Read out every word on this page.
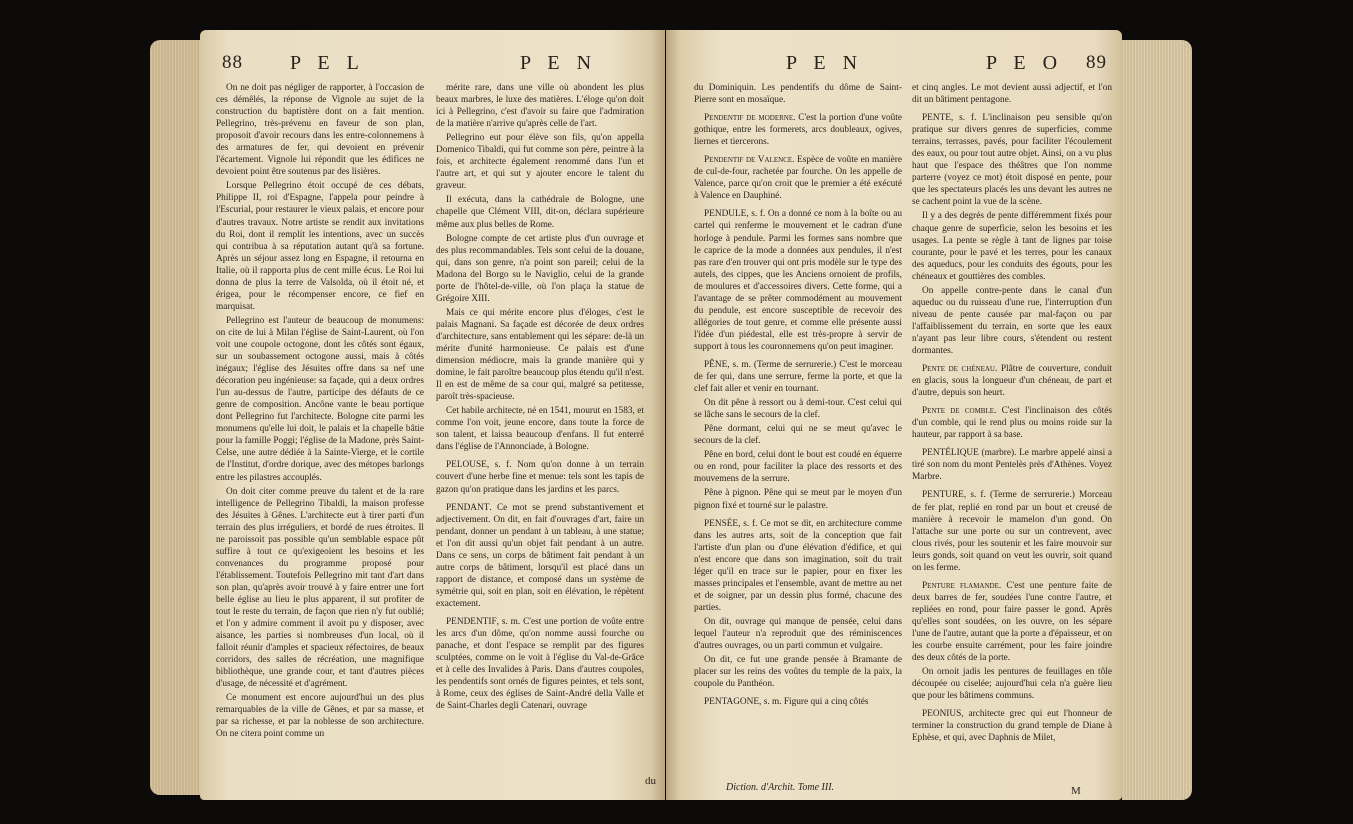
88 P E L	P E N

On ne doit pas négliger de rapporter, à l'occasion de ces démêlés, la réponse de Vignole au sujet de la construction du baptistère dont on a fait mention. Pellegrino, très-prévenu en faveur de son plan, proposoit d'avoir recours dans les entre-colonnemens à des armatures de fer, qui devoient en prévenir l'écartement. Vignole lui répondit que les édifices ne devoient point être soutenus par des lisières.

Lorsque Pellegrino étoit occupé de ces débats, Philippe II, roi d'Espagne, l'appela pour peindre à l'Escurial, pour restaurer le vieux palais, et encore pour d'autres travaux. Notre artiste se rendit aux invitations du Roi, dont il remplit les intentions, avec un succès qui contribua à sa réputation autant qu'à sa fortune. Après un séjour assez long en Espagne, il retourna en Italie, où il rapporta plus de cent mille écus. Le Roi lui donna de plus la terre de Valsolda, où il étoit né, et érigea, pour le récompenser encore, ce fief en marquisat.

Pellegrino est l'auteur de beaucoup de monumens: on cite de lui à Milan l'église de Saint-Laurent, où l'on voit une coupole octogone, dont les côtés sont égaux, sur un soubassement octogone aussi, mais à côtés inégaux; l'église des Jésuites offre dans sa nef une décoration peu ingénieuse: sa façade, qui a deux ordres l'un au-dessus de l'autre, participe des défauts de ce genre de composition. Ancône vante le beau portique dont Pellegrino fut l'architecte. Bologne cite parmi les monumens qu'elle lui doit, le palais et la chapelle bâtie pour la famille Poggi; l'église de la Madone, près Saint-Celse, une autre dédiée à la Sainte-Vierge, et le cortile de l'Institut, d'ordre dorique, avec des métopes barlongs entre les pilastres accouplés.

On doit citer comme preuve du talent et de la rare intelligence de Pellegrino Tibaldi, la maison professe des Jésuites à Gênes. L'architecte eut à tirer parti d'un terrain des plus irréguliers, et bordé de rues étroites. Il ne paroissoit pas possible qu'un semblable espace pût suffire à tout ce qu'exigeoient les besoins et les convenances du programme proposé pour l'établissement. Toutefois Pellegrino mit tant d'art dans son plan, qu'après avoir trouvé à y faire entrer une fort belle église au lieu le plus apparent, il sut profiter de tout le reste du terrain, de façon que rien n'y fut oublié; et l'on y admire comment il avoit pu y disposer, avec aisance, les parties si nombreuses d'un local, où il falloit réunir d'amples et spacieux réfectoires, de beaux corridors, des salles de récréation, une magnifique bibliothèque, une grande cour, et tant d'autres pièces d'usage, de nécessité et d'agrément.

Ce monument est encore aujourd'hui un des plus remarquables de la ville de Gênes, et par sa masse, et par sa richesse, et par la noblesse de son architecture. On ne citera point comme un

mérite rare, dans une ville où abondent les plus beaux marbres, le luxe des matières. L'éloge qu'on doit ici à Pellegrino, c'est d'avoir su faire que l'admiration de la matière n'arrive qu'après celle de l'art.

Pellegrino eut pour élève son fils, qu'on appella Domenico Tibaldi, qui fut comme son père, peintre à la fois, et architecte également renommé dans l'un et l'autre art, et qui sut y ajouter encore le talent du graveur.

Il exécuta, dans la cathédrale de Bologne, une chapelle que Clément VIII, dit-on, déclara supérieure même aux plus belles de Rome.

Bologne compte de cet artiste plus d'un ouvrage et des plus recommandables. Tels sont celui de la douane, qui, dans son genre, n'a point son pareil; celui de la Madona del Borgo su le Naviglio, celui de la grande porte de l'hôtel-de-ville, où l'on plaça la statue de Grégoire XIII.

Mais ce qui mérite encore plus d'éloges, c'est le palais Magnani. Sa façade est décorée de deux ordres d'architecture, sans entablement qui les sépare: de-là un mérite d'unité harmonieuse. Ce palais est d'une dimension médiocre, mais la grande manière qui y domine, le fait paroître beaucoup plus étendu qu'il n'est. Il en est de même de sa cour qui, malgré sa petitesse, paroît très-spacieuse.

Cet habile architecte, né en 1541, mourut en 1583, et comme l'on voit, jeune encore, dans toute la force de son talent, et laissa beaucoup d'enfans. Il fut enterré dans l'église de l'Annonciade, à Bologne.

PELOUSE, s. f. Nom qu'on donne à un terrain couvert d'une herbe fine et menue: tels sont les tapis de gazon qu'on pratique dans les jardins et les parcs.

PENDANT. Ce mot se prend substantivement et adjectivement. On dit, en fait d'ouvrages d'art, faire un pendant, donner un pendant à un tableau, à une statue; et l'on dit aussi qu'un objet fait pendant à un autre. Dans ce sens, un corps de bâtiment fait pendant à un autre corps de bâtiment, lorsqu'il est placé dans un rapport de distance, et composé dans un système de symétrie qui, soit en plan, soit en élévation, le répètent exactement.

PENDENTIF, s. m. C'est une portion de voûte entre les arcs d'un dôme, qu'on nomme aussi fourche ou panache, et dont l'espace se remplit par des figures sculptées, comme on le voit à l'église du Val-de-Grâce et à celle des Invalides à Paris. Dans d'autres coupoles, les pendentifs sont ornés de figures peintes, et tels sont, à Rome, ceux des églises de Saint-André della Valle et de Saint-Charles degli Catenari, ouvrage

du
P E N	P E O 89

du Dominiquin. Les pendentifs du dôme de Saint-Pierre sont en mosaïque.

Pendentif de moderne. C'est la portion d'une voûte gothique, entre les formerets, arcs doubleaux, ogives, liernes et tiercerons.

Pendentif de Valence. Espèce de voûte en manière de cul-de-four, rachetée par fourche. On les appelle de Valence, parce qu'on croit que le premier a été exécuté à Valence en Dauphiné.

PENDULE, s. f. On a donné ce nom à la boîte ou au cartel qui renferme le mouvement et le cadran d'une horloge à pendule. Parmi les formes sans nombre que le caprice de la mode a données aux pendules, il n'est pas rare d'en trouver qui ont pris modèle sur le type des autels, des cippes, que les Anciens ornoient de profils, de moulures et d'accessoires divers. Cette forme, qui a l'avantage de se prêter commodément au mouvement du pendule, est encore susceptible de recevoir des allégories de tout genre, et comme elle présente aussi l'idée d'un piédestal, elle est très-propre à servir de support à tous les couronnemens qu'on peut imaginer.

PÊNE, s. m. (Terme de serrurerie.) C'est le morceau de fer qui, dans une serrure, ferme la porte, et que la clef fait aller et venir en tournant.

On dit pêne à ressort ou à demi-tour. C'est celui qui se lâche sans le secours de la clef.

Pêne dormant, celui qui ne se meut qu'avec le secours de la clef.

Pêne en bord, celui dont le bout est coudé en équerre ou en rond, pour faciliter la place des ressorts et des mouvemens de la serrure.

Pêne à pignon. Pêne qui se meut par le moyen d'un pignon fixé et tourné sur le palastre.

PENSÉE, s. f. Ce mot se dit, en architecture comme dans les autres arts, soit de la conception que fait l'artiste d'un plan ou d'une élévation d'édifice, et qui n'est encore que dans son imagination, soit du trait léger qu'il en trace sur le papier, pour en fixer les masses principales et l'ensemble, avant de mettre au net et de soigner, par un dessin plus formé, chacune des parties.

On dit, ouvrage qui manque de pensée, celui dans lequel l'auteur n'a reproduit que des réminiscences d'autres ouvrages, ou un parti commun et vulgaire.

On dit, ce fut une grande pensée à Bramante de placer sur les reins des voûtes du temple de la paix, la coupole du Panthéon.

PENTAGONE, s. m. Figure qui a cinq côtés

Diction. d'Archit. Tome III.

et cinq angles. Le mot devient aussi adjectif, et l'on dit un bâtiment pentagone.

PENTE, s. f. L'inclinaison peu sensible qu'on pratique sur divers genres de superficies, comme terrains, terrasses, pavés, pour faciliter l'écoulement des eaux, ou pour tout autre objet. Ainsi, on a vu plus haut que l'espace des théâtres que l'on nomme parterre (voyez ce mot) étoit disposé en pente, pour que les spectateurs placés les uns devant les autres ne se cachent point la vue de la scène.

Il y a des degrés de pente différemment fixés pour chaque genre de superficie, selon les besoins et les usages. La pente se règle à tant de lignes par toise courante, pour le pavé et les terres, pour les canaux des aqueducs, pour les conduits des égouts, pour les chéneaux et gouttières des combles.

On appelle contre-pente dans le canal d'un aqueduc ou du ruisseau d'une rue, l'interruption d'un niveau de pente causée par mal-façon ou par l'affaiblissement du terrain, en sorte que les eaux n'ayant pas leur libre cours, s'étendent ou restent dormantes.

Pente de chéneau. Plâtre de couverture, conduit en glacis, sous la longueur d'un chéneau, de part et d'autre, depuis son heurt.

Pente de comble. C'est l'inclinaison des côtés d'un comble, qui le rend plus ou moins roide sur la hauteur, par rapport à sa base.

PENTÉLIQUE (marbre). Le marbre appelé ainsi a tiré son nom du mont Pentelès près d'Athènes. Voyez Marbre.

PENTURE, s. f. (Terme de serrurerie.) Morceau de fer plat, replié en rond par un bout et creusé de manière à recevoir le mamelon d'un gond. On l'attache sur une porte ou sur un contrevent, avec clous rivés, pour les soutenir et les faire mouvoir sur leurs gonds, soit quand on veut les ouvrir, soit quand on les ferme.

Penture flamande. C'est une penture faite de deux barres de fer, soudées l'une contre l'autre, et repliées en rond, pour faire passer le gond. Après qu'elles sont soudées, on les ouvre, on les sépare l'une de l'autre, autant que la porte a d'épaisseur, et on les courbe ensuite carrément, pour les faire joindre des deux côtés de la porte.

On ornoit jadis les pentures de feuillages en tôle découpée ou ciselée; aujourd'hui cela n'a guère lieu que pour les bâtimens communs.

PEONIUS, architecte grec qui eut l'honneur de terminer la construction du grand temple de Diane à Ephèse, et qui, avec Daphnis de Milet,

M
